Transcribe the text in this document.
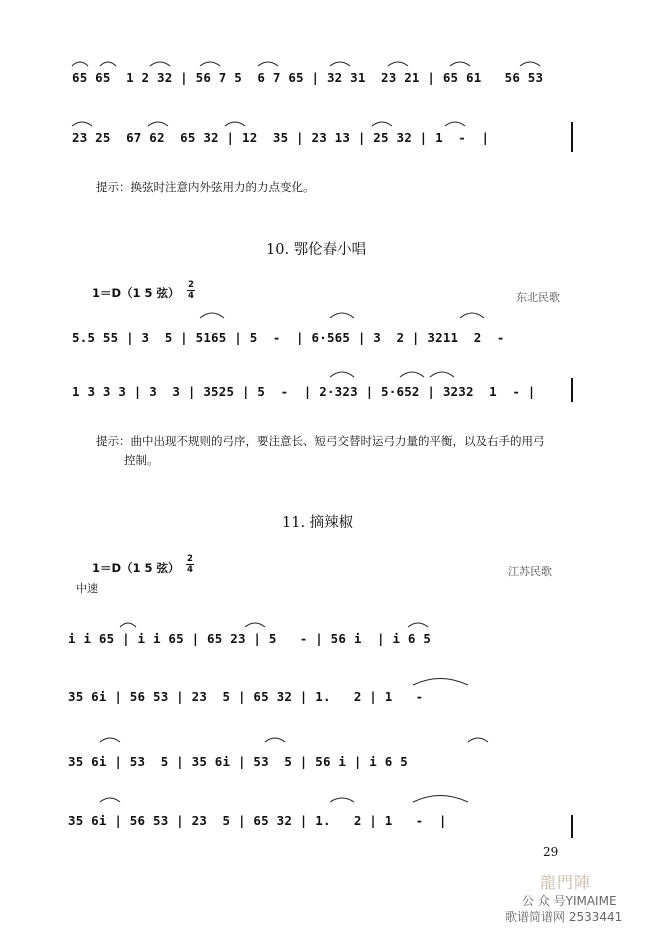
65 65  1 2 32 | 56 7 5  6 7 65 | 32 31  23 21 | 65 61   56 53
23 25  67 62  65 32 | 12  35 | 23 13 | 25 32 | 1  -  |
提示：换弦时注意内外弦用力的力点变化。
10. 鄂伦春小唱
1＝D（1 5 弦）
2
4	东北民歌
5.5 55 | 3  5 | 5165 | 5  -  | 6·565 | 3  2 | 3211  2  -
1 3 3 3 | 3  3 | 3525 | 5  -  | 2·323 | 5·652 | 3232  1  - |
提示：曲中出现不规则的弓序，要注意长、短弓交替时运弓力量的平衡，以及右手的用弓
控制。
11. 摘辣椒
1＝D（1 5 弦）
2
4	江苏民歌
中速
i i 65 | i i 65 | 65 23 | 5   - | 56 i  | i 6 5
35 6i | 56 53 | 23  5 | 65 32 | 1.   2 | 1   -
35 6i | 53  5 | 35 6i | 53  5 | 56 i | i 6 5
35 6i | 56 53 | 23  5 | 65 32 | 1.   2 | 1   -  |
29
龍門陣
公 众 号YIMAIME
歌谱简谱网 2533441
